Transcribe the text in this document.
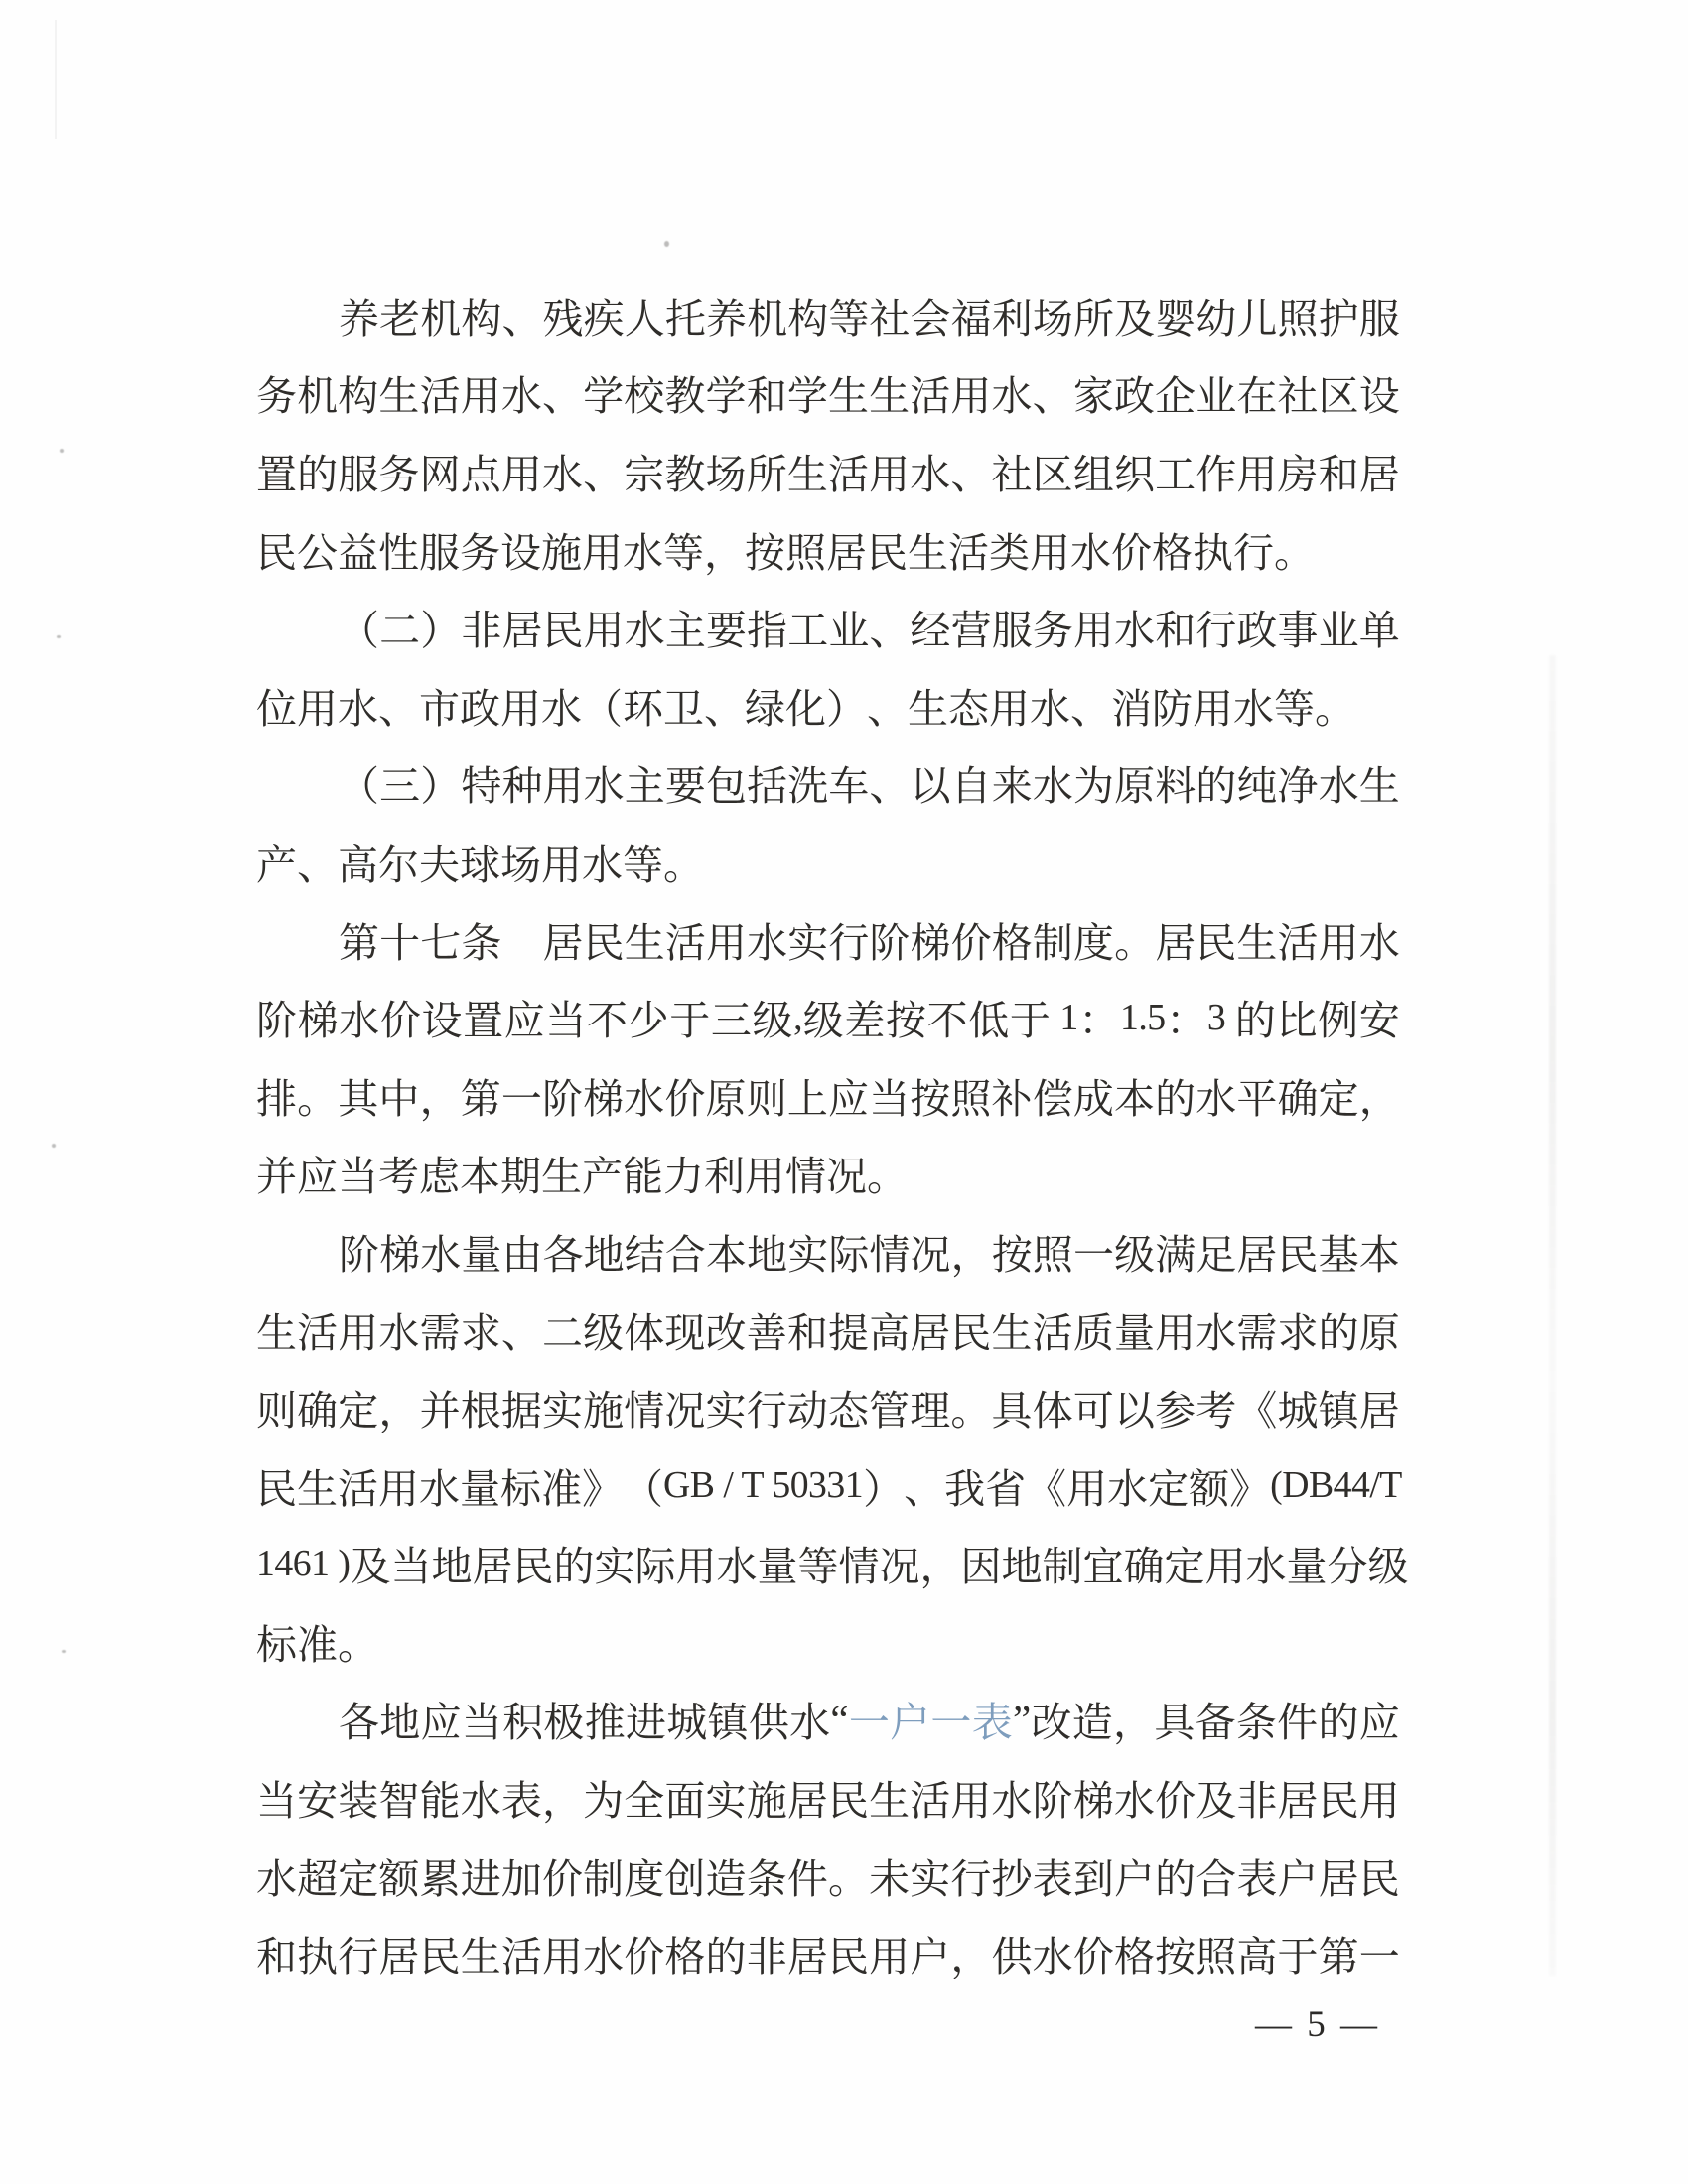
养 老 机 构 、 残 疾 人 托 养 机 构 等 社 会 福 利 场 所 及 婴 幼 儿 照 护 服
务 机 构 生 活 用 水 、 学 校 教 学 和 学 生 生 活 用 水 、 家 政 企 业 在 社 区 设
置 的 服 务 网 点 用 水 、 宗 教 场 所 生 活 用 水 、 社 区 组 织 工 作 用 房 和 居
民 公 益 性 服 务 设 施 用 水 等 ， 按 照 居 民 生 活 类 用 水 价 格 执 行 。
（ 二 ） 非 居 民 用 水 主 要 指 工 业 、 经 营 服 务 用 水 和 行 政 事 业 单
位 用 水 、 市 政 用 水 （ 环 卫 、 绿 化 ） 、 生 态 用 水 、 消 防 用 水 等 。
（ 三 ） 特 种 用 水 主 要 包 括 洗 车 、 以 自 来 水 为 原 料 的 纯 净 水 生
产 、 高 尔 夫 球 场 用 水 等 。
第 十 七 条
　 居 民 生 活 用 水 实 行 阶 梯 价 格 制 度 。 居 民 生 活 用 水
阶 梯 水 价 设 置 应 当 不 少 于 三 级 , 级 差 按 不 低 于 1 ： 1.5 ： 3 的 比 例 安
排 。 其 中 ， 第 一 阶 梯 水 价 原 则 上 应 当 按 照 补 偿 成 本 的 水 平 确 定 ，
并 应 当 考 虑 本 期 生 产 能 力 利 用 情 况 。
阶 梯 水 量 由 各 地 结 合 本 地 实 际 情 况 ， 按 照 一 级 满 足 居 民 基 本
生 活 用 水 需 求 、 二 级 体 现 改 善 和 提 高 居 民 生 活 质 量 用 水 需 求 的 原
则 确 定 ， 并 根 据 实 施 情 况 实 行 动 态 管 理 。 具 体 可 以 参 考 《 城 镇 居
民 生 活 用 水 量 标 准 》 （ GB / T 50331 ） 、 我 省 《 用 水 定 额 》 (DB44/T
1461 ) 及 当 地 居 民 的 实 际 用 水 量 等 情 况 ， 因 地 制 宜 确 定 用 水 量 分 级
标 准 。
各 地 应 当 积 极 推 进 城 镇 供 水 “ 一 户 一 表 ” 改 造 ， 具 备 条 件 的 应
当 安 装 智 能 水 表 ， 为 全 面 实 施 居 民 生 活 用 水 阶 梯 水 价 及 非 居 民 用
水 超 定 额 累 进 加 价 制 度 创 造 条 件 。 未 实 行 抄 表 到 户 的 合 表 户 居 民
和 执 行 居 民 生 活 用 水 价 格 的 非 居 民 用 户 ， 供 水 价 格 按 照 高 于 第 一
— 5 —
